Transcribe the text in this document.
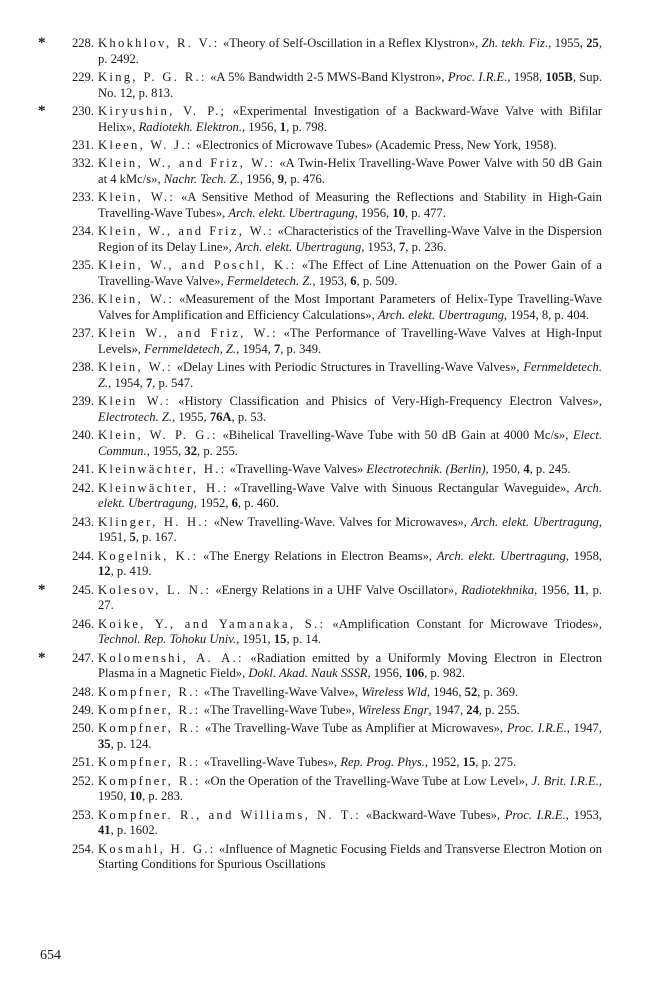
*	228. Khokhlov, R. V.: «Theory of Self-Oscillation in a Reflex Klystron», Zh. tekh. Fiz., 1955, 25, p. 2492.
229. King, P. G. R.: «A 5% Bandwidth 2-5 MWS-Band Klystron», Proc. I.R.E., 1958, 105B, Sup. No. 12, p. 813.
*	230. Kiryushin, V. P.; «Experimental Investigation of a Backward-Wave Valve with Bifilar Helix», Radiotekh. Elektron., 1956, 1, p. 798.
231. Kleen, W. J.: «Electronics of Microwave Tubes» (Academic Press, New York, 1958).
332. Klein, W., and Friz, W.: «A Twin-Helix Travelling-Wave Power Valve with 50 dB Gain at 4 kMc/s», Nachr. Tech. Z., 1956, 9, p. 476.
233. Klein, W.: «A Sensitive Method of Measuring the Reflections and Stability in High-Gain Travelling-Wave Tubes», Arch. elekt. Ubertragung, 1956, 10, p. 477.
234. Klein, W., and Friz, W.: «Characteristics of the Travelling-Wave Valve in the Dispersion Region of its Delay Line», Arch. elekt. Ubertragung, 1953, 7, p. 236.
235. Klein, W., and Poschl, K.: «The Effect of Line Attenuation on the Power Gain of a Travelling-Wave Valve», Fermeldetech. Z., 1953, 6, p. 509.
236. Klein, W.: «Measurement of the Most Important Parameters of Helix-Type Travelling-Wave Valves for Amplification and Efficiency Calculations», Arch. elekt. Ubertragung, 1954, 8, p. 404.
237. Klein W., and Friz, W.: «The Performance of Travelling-Wave Valves at High-Input Levels», Fernmeldetech, Z., 1954, 7, p. 349.
238. Klein, W.: «Delay Lines with Periodic Structures in Travelling-Wave Valves», Fernmeldetech. Z., 1954, 7, p. 547.
239. Klein W.: «History Classification and Phisics of Very-High-Frequency Electron Valves», Electrotech. Z., 1955, 76A, p. 53.
240. Klein, W. P. G.: «Bihelical Travelling-Wave Tube with 50 dB Gain at 4000 Mc/s», Elect. Commun., 1955, 32, p. 255.
241. Kleinwächter, H.: «Travelling-Wave Valves» Electrotechnik. (Berlin), 1950, 4, p. 245.
242. Kleinwächter, H.: «Travelling-Wave Valve with Sinuous Rectangular Waveguide», Arch. elekt. Ubertragung, 1952, 6, p. 460.
243. Klinger, H. H.: «New Travelling-Wave. Valves for Microwaves», Arch. elekt. Ubertragung, 1951, 5, p. 167.
244. Kogelnik, K.: «The Energy Relations in Electron Beams», Arch. elekt. Ubertragung, 1958, 12, p. 419.
*	245. Kolesov, L. N.: «Energy Relations in a UHF Valve Oscillator», Radiotekhnika, 1956, 11, p. 27.
246. Koike, Y., and Yamanaka, S.: «Amplification Constant for Microwave Triodes», Technol. Rep. Tohoku Univ., 1951, 15, p. 14.
*	247. Kolomenshi, A. A.: «Radiation emitted by a Uniformly Moving Electron in Electron Plasma in a Magnetic Field», Dokl. Akad. Nauk SSSR, 1956, 106, p. 982.
248. Kompfner, R.: «The Travelling-Wave Valve», Wireless Wld, 1946, 52, p. 369.
249. Kompfner, R.: «The Travelling-Wave Tube», Wireless Engr, 1947, 24, p. 255.
250. Kompfner, R.: «The Travelling-Wave Tube as Amplifier at Microwaves», Proc. I.R.E., 1947, 35, p. 124.
251. Kompfner, R.: «Travelling-Wave Tubes», Rep. Prog. Phys., 1952, 15, p. 275.
252. Kompfner, R.: «On the Operation of the Travelling-Wave Tube at Low Level», J. Brit. I.R.E., 1950, 10, p. 283.
253. Kompfner. R., and Williams, N. T.: «Backward-Wave Tubes», Proc. I.R.E., 1953, 41, p. 1602.
254. Kosmahl, H. G.: «Influence of Magnetic Focusing Fields and Transverse Electron Motion on Starting Conditions for Spurious Oscillations
654
